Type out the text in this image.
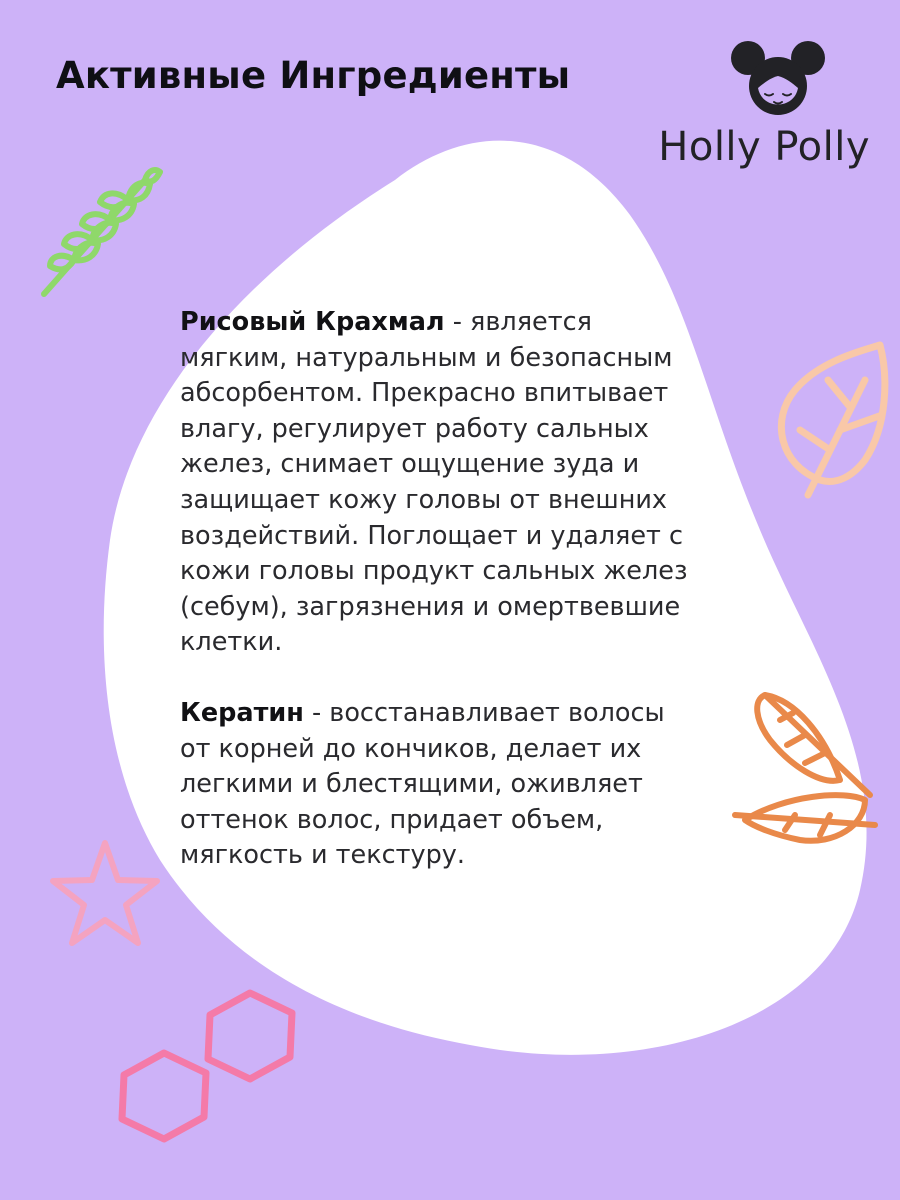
Активные Ингредиенты
Holly Polly

Рисовый Крахмал - является мягким, натуральным и безопасным абсорбентом. Прекрасно впитывает влагу, регулирует работу сальных желез, снимает ощущение зуда и защищает кожу головы от внешних воздействий. Поглощает и удаляет с кожи головы продукт сальных желез (себум), загрязнения и омертвевшие клетки.

Кератин - восстанавливает волосы от корней до кончиков, делает их легкими и блестящими, оживляет оттенок волос, придает объем, мягкость и текстуру.
